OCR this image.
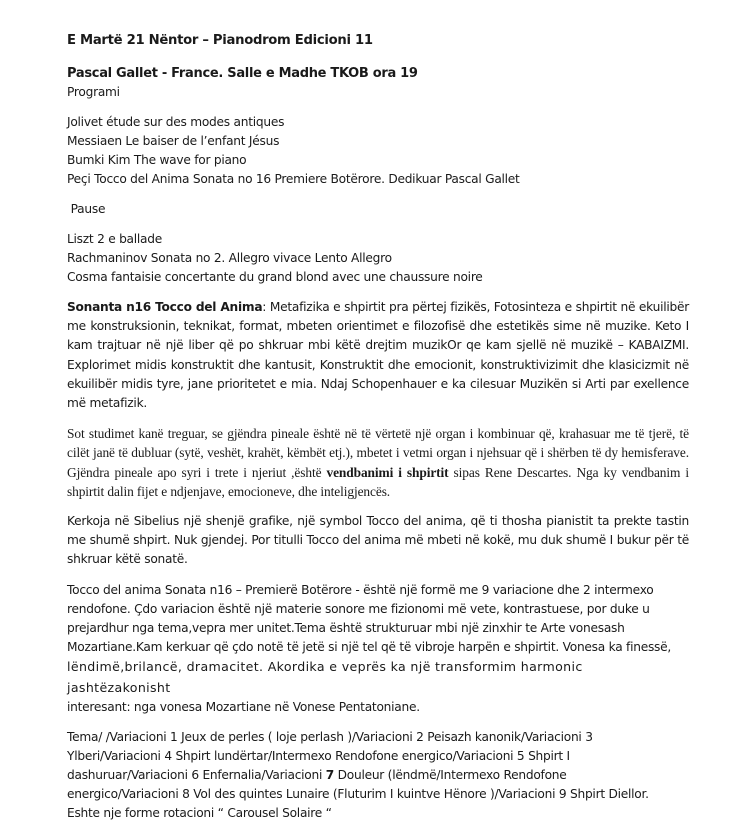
E Martë 21 Nëntor – Pianodrom Edicioni 11
Pascal Gallet - France. Salle e Madhe TKOB ora 19
Programi
Jolivet étude sur des modes antiques
Messiaen Le baiser de l’enfant Jésus
Bumki Kim The wave for piano
Peçi Tocco del Anima Sonata no 16 Premiere Botërore. Dedikuar Pascal Gallet
Pause
Liszt 2 e ballade
Rachmaninov Sonata no 2. Allegro vivace Lento Allegro
Cosma fantaisie concertante du grand blond avec une chaussure noire

Sonanta n16 Tocco del Anima: Metafizika e shpirtit pra përtej fizikës, Fotosinteza e shpirtit në ekuilibër me konstruksionin, teknikat, format, mbeten orientimet e filozofisë dhe estetikës sime në muzike. Keto I kam trajtuar në një liber që po shkruar mbi këtë drejtim muzikOr qe kam sjellë në muzikë – KABAIZMI. Explorimet midis konstruktit dhe kantusit, Konstruktit dhe emocionit, konstruktivizimit dhe klasicizmit në ekuilibër midis tyre, jane prioritetet e mia. Ndaj Schopenhauer e ka cilesuar Muzikën si Arti par exellence më metafizik.

Sot studimet kanë treguar, se gjëndra pineale është në të vërtetë një organ i kombinuar që, krahasuar me të tjerë, të cilët janë të dubluar (sytë, veshët, krahët, këmbët etj.), mbetet i vetmi organ i njehsuar që i shërben të dy hemisferave. Gjëndra pineale apo syri i trete i njeriut ,është vendbanimi i shpirtit sipas Rene Descartes. Nga ky vendbanim i shpirtit dalin fijet e ndjenjave, emocioneve, dhe inteligjencës.

Kerkoja në Sibelius një shenjë grafike, një symbol Tocco del anima, që ti thosha pianistit ta prekte tastin me shumë shpirt. Nuk gjendej. Por titulli Tocco del anima më mbeti në kokë, mu duk shumë I bukur për të shkruar këtë sonatë.

Tocco del anima Sonata n16 – Premierë Botërore - është një formë me 9 variacione dhe 2 intermexo rendofone. Çdo variacion është një materie sonore me fizionomi më vete, kontrastuese, por duke u prejardhur nga tema,vepra mer unitet.Tema është strukturuar mbi një zinxhir te Arte vonesash Mozartiane.Kam kerkuar që çdo notë të jetë si një tel që të vibroje harpën e shpirtit. Vonesa ka finessë, lëndimë,brilancë, dramacitet. Akordika e veprës ka një transformim harmonic jashtëzakonisht

interesant: nga vonesa Mozartiane në Vonese Pentatoniane.
Tema/ /Variacioni 1 Jeux de perles ( loje perlash )/Variacioni 2 Peisazh kanonik/Variacioni 3
Ylberi/Variacioni 4 Shpirt lundërtar/Intermexo Rendofone energico/Variacioni 5 Shpirt I
dashuruar/Variacioni 6 Enfernalia/Variacioni 7 Douleur (lëndmë/Intermexo Rendofone
energico/Variacioni 8 Vol des quintes Lunaire (Fluturim I kuintve Hënore )/Variacioni 9 Shpirt Diellor.
Eshte nje forme rotacioni “ Carousel Solaire “
